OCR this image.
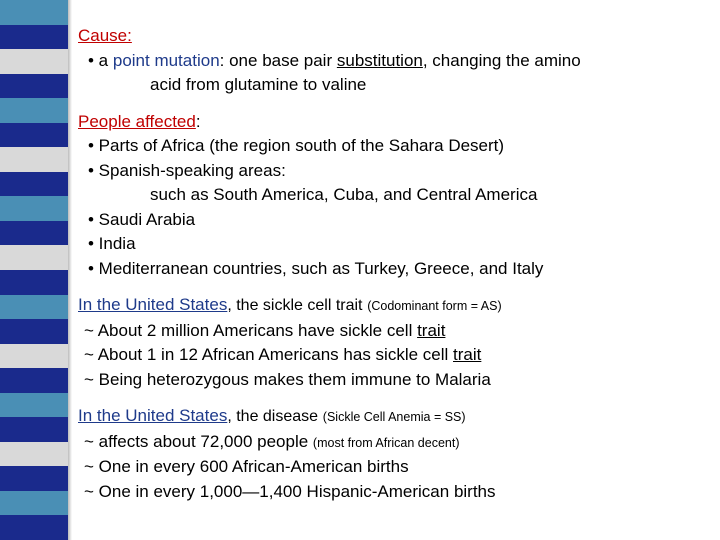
Cause:
• a point mutation: one base pair substitution, changing the amino
acid from glutamine to valine
People affected:
• Parts of Africa (the region south of the Sahara Desert)
• Spanish-speaking areas:
such as South America, Cuba, and Central America
• Saudi Arabia
• India
• Mediterranean countries, such as Turkey, Greece, and Italy
In the United States, the sickle cell trait (Codominant form = AS)
~ About 2 million Americans have sickle cell trait
~ About 1 in 12 African Americans has sickle cell trait
~ Being heterozygous makes them immune to Malaria
In the United States, the disease (Sickle Cell Anemia = SS)
~ affects about 72,000 people (most from African decent)
~ One in every 600 African-American births
~ One in every 1,000—1,400 Hispanic-American births
